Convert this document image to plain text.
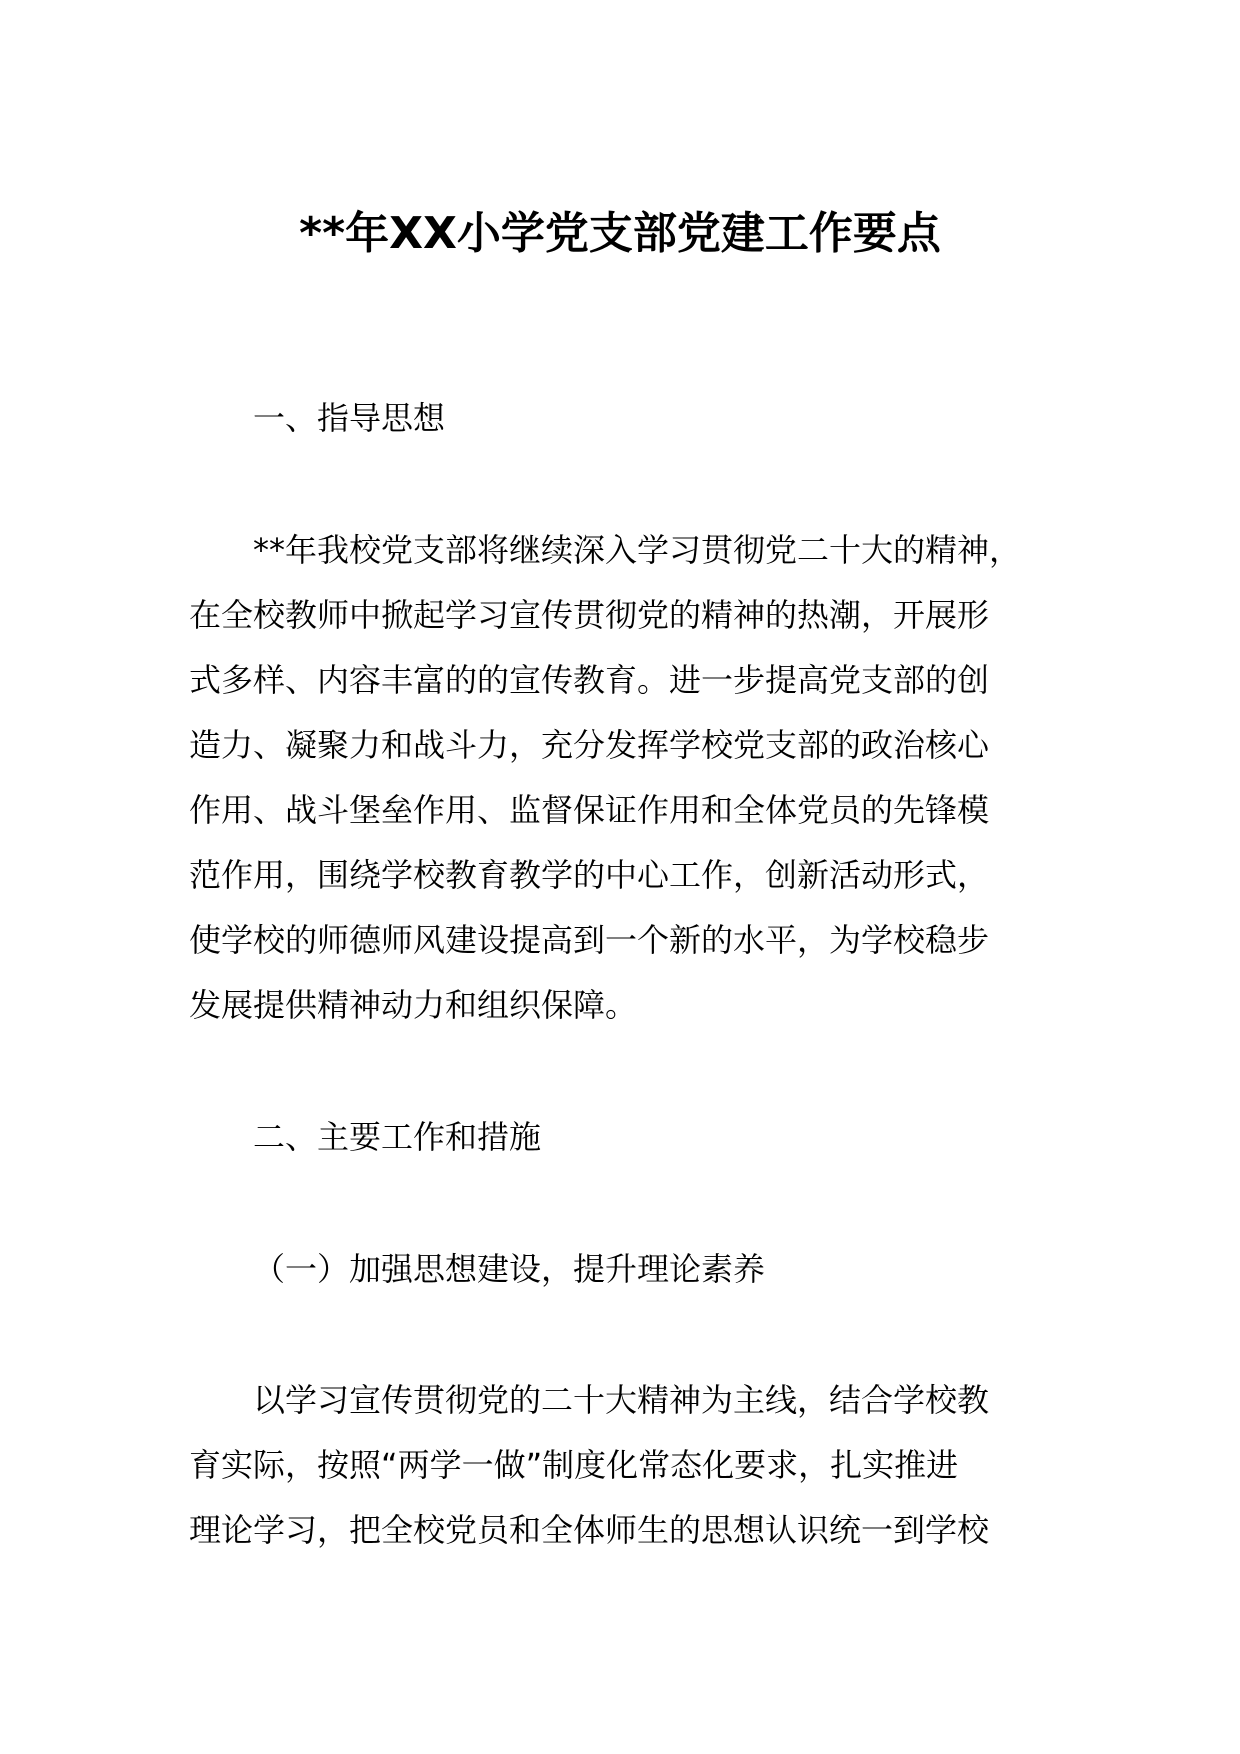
**年XX小学党支部党建工作要点
一、指导思想
**年我校党支部将继续深入学习贯彻党二十大的精神，
在全校教师中掀起学习宣传贯彻党的精神的热潮，开展形
式多样、内容丰富的的宣传教育。进一步提高党支部的创
造力、凝聚力和战斗力，充分发挥学校党支部的政治核心
作用、战斗堡垒作用、监督保证作用和全体党员的先锋模
范作用，围绕学校教育教学的中心工作，创新活动形式，
使学校的师德师风建设提高到一个新的水平，为学校稳步
发展提供精神动力和组织保障。
二、主要工作和措施
（一）加强思想建设，提升理论素养
以学习宣传贯彻党的二十大精神为主线，结合学校教
育实际，按照“两学一做”制度化常态化要求，扎实推进
理论学习，把全校党员和全体师生的思想认识统一到学校
